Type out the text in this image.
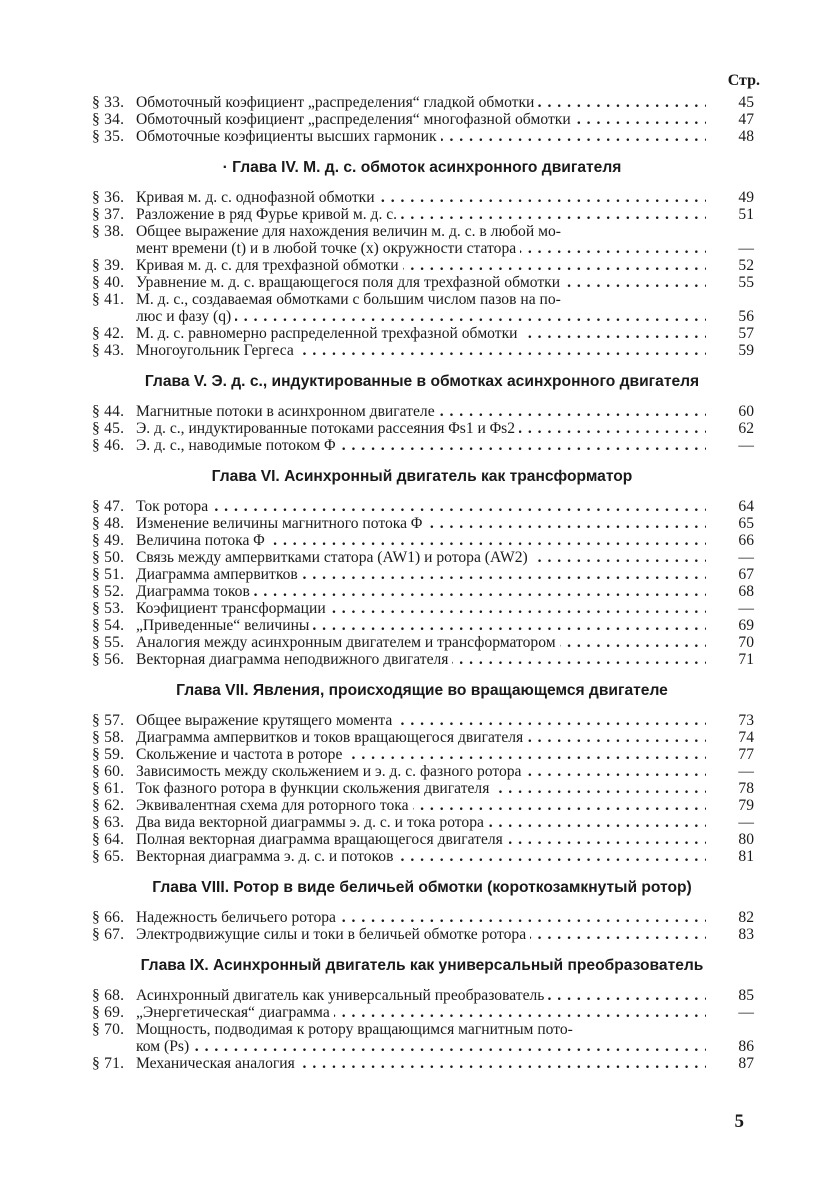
Стр.
§ 33. Обмоточный коэфициент „распределения“ гладкой обмотки . . .	45
§ 34. Обмоточный коэфициент „распределения“ многофазной обмотки . . .	47
§ 35. Обмоточные коэфициенты высших гармоник . . .	48
· Глава IV. М. д. с. обмоток асинхронного двигателя
§ 36. Кривая м. д. с. однофазной обмотки . . .	49
§ 37. Разложение в ряд Фурье кривой м. д. с. . . .	51
§ 38. Общее выражение для нахождения величин м. д. с. в любой мо-
мент времени (t) и в любой точке (x) окружности статора . . .	—
§ 39. Кривая м. д. с. для трехфазной обмотки . . .	52
§ 40. Уравнение м. д. с. вращающегося поля для трехфазной обмотки . . .	55
§ 41. М. д. с., создаваемая обмотками с большим числом пазов на по-
люс и фазу (q) . . .	56
§ 42. М. д. с. равномерно распределенной трехфазной обмотки . . .	57
§ 43. Многоугольник Гергеса . . .	59
Глава V. Э. д. с., индуктированные в обмотках асинхронного двигателя
§ 44. Магнитные потоки в асинхронном двигателе . . .	60
§ 45. Э. д. с., индуктированные потоками рассеяния Φs1 и Φs2 . . .	62
§ 46. Э. д. с., наводимые потоком Φ . . .	—
Глава VI. Асинхронный двигатель как трансформатор
§ 47. Ток ротора . . .	64
§ 48. Изменение величины магнитного потока Φ . . .	65
§ 49. Величина потока Φ . . .	66
§ 50. Связь между ампервитками статора (AW1) и ротора (AW2) . . .	—
§ 51. Диаграмма ампервитков . . .	67
§ 52. Диаграмма токов . . .	68
§ 53. Коэфициент трансформации . . .	—
§ 54. „Приведенные“ величины . . .	69
§ 55. Аналогия между асинхронным двигателем и трансформатором . . .	70
§ 56. Векторная диаграмма неподвижного двигателя . . .	71
Глава VII. Явления, происходящие во вращающемся двигателе
§ 57. Общее выражение крутящего момента . . .	73
§ 58. Диаграмма ампервитков и токов вращающегося двигателя . . .	74
§ 59. Скольжение и частота в роторе . . .	77
§ 60. Зависимость между скольжением и э. д. с. фазного ротора . . .	—
§ 61. Ток фазного ротора в функции скольжения двигателя . . .	78
§ 62. Эквивалентная схема для роторного тока . . .	79
§ 63. Два вида векторной диаграммы э. д. с. и тока ротора . . .	—
§ 64. Полная векторная диаграмма вращающегося двигателя . . .	80
§ 65. Векторная диаграмма э. д. с. и потоков . . .	81
Глава VIII. Ротор в виде беличьей обмотки (короткозамкнутый ротор)
§ 66. Надежность беличьего ротора . . .	82
§ 67. Электродвижущие силы и токи в беличьей обмотке ротора . . .	83
Глава IX. Асинхронный двигатель как универсальный преобразователь
§ 68. Асинхронный двигатель как универсальный преобразователь . . .	85
§ 69. „Энергетическая“ диаграмма . . .	—
§ 70. Мощность, подводимая к ротору вращающимся магнитным пото-
ком (Ps) . . .	86
§ 71. Механическая аналогия . . .	87
5
